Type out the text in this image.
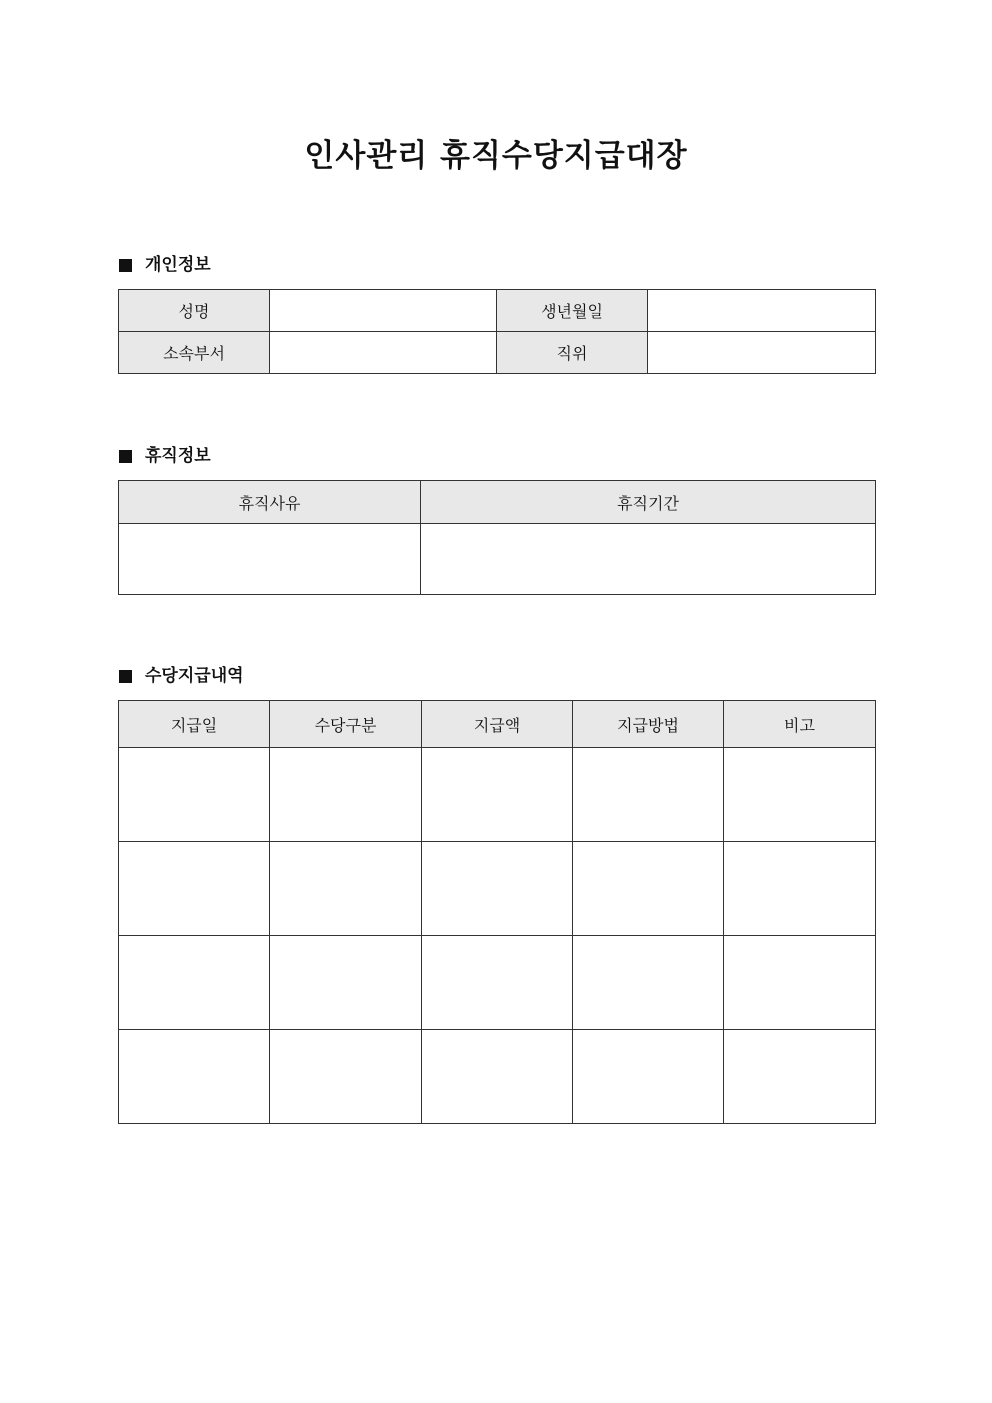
인사관리 휴직수당지급대장
개인정보
성명		생년월일	
소속부서		직위	
휴직정보
휴직사유	휴직기간

수당지급내역
지급일	수당구분	지급액	지급방법	비고
